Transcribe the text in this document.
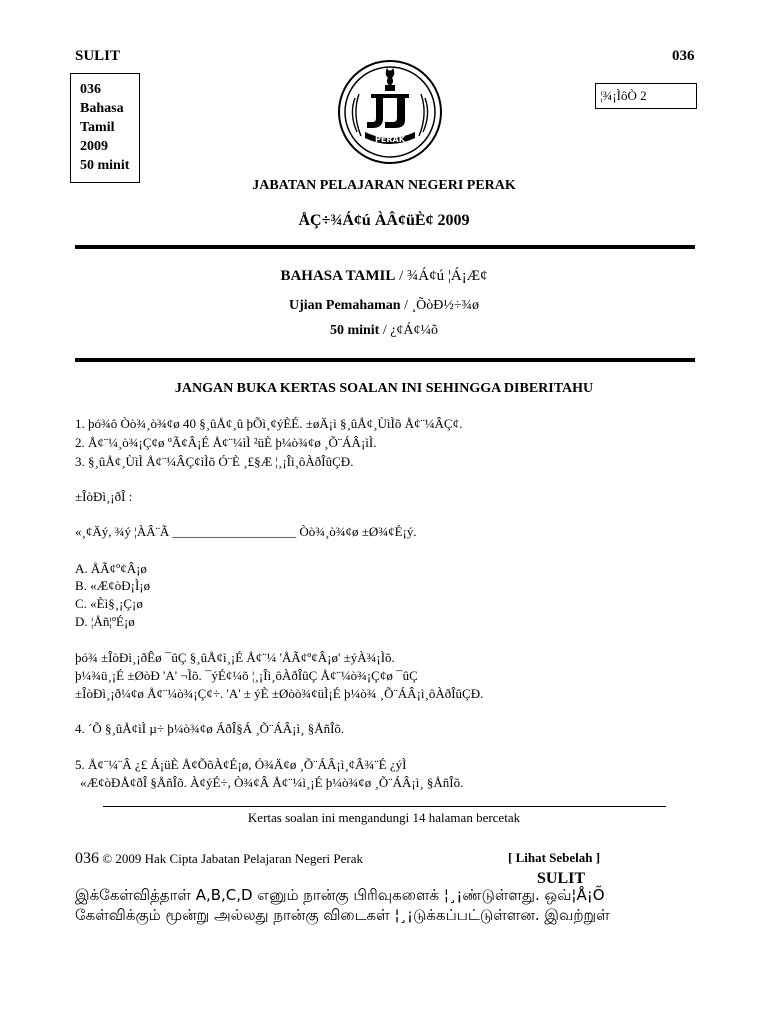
SULIT	036
036
Bahasa
Tamil
2009
50 minit
¦¾¡ÌôÒ 2
PERAK
JABATAN PELAJARAN NEGERI PERAK
ÅÇ÷¾Á¢ú ÀÂ¢üÈ¢ 2009
BAHASA TAMIL / ¾Á¢ú ¦Á¡Æ¢
Ujian Pemahaman / ¸ÕòÐ½÷¾ø
50 minit / ¿¢Á¢¼õ
JANGAN BUKA KERTAS SOALAN INI SEHINGGA DIBERITAHU
1. þó¾ô Òò¾¸ò¾¢ø 40 §¸ûÅ¢¸û þÕì¸¢ýÈÉ. ±øÄ¡ì §¸ûÅ¢¸ÙìÌõ Å¢¨¼ÂÇ¢.
2. Å¢¨¼¸ò¾¡Ç¢ø ºÃ¢Â¡É Å¢¨¼ìÌ ²üÈ þ¼ò¾¢ø ¸Õ¨ÁÂ¡ìÌ.
3. §¸ûÅ¢¸ÙìÌ Å¢¨¼ÂÇ¢ìÌõ Ó¨È ¸£§Æ ¦¸¡Îì¸ôÀðÎûÇÐ.
±ÎòÐì¸¡ðÎ :
«¸¢Äý, ¾ý ¦ÀÂ¨Ã ___________________ Òò¾¸ò¾¢ø ±Ø¾¢É¡ý.
A. ÅÃ¢º¢Â¡ø
B. «Æ¢òÐ¡Ì¡ø
C. «Èì§¸¡Ç¡ø
D. ¦Åñ¦ºÉ¡ø
þó¾ ±ÎòÐì¸¡ðÊø ¯ûÇ §¸ûÅ¢ì¸¡É Å¢¨¼ 'ÅÃ¢º¢Â¡ø' ±ýÀ¾¡Ìõ.
þ¼¾ü¸¡É ±ØòÐ 'A' ¬Ìõ. ¯ýÉ¢¼õ ¦¸¡Îì¸ôÀðÎûÇ Å¢¨¼ò¾¡Ç¢ø ¯ûÇ
±ÎòÐì¸¡ð¼¢ø Å¢¨¼ò¾¡Ç¢÷. 'A' ± ýÈ ±Øòò¾¢üÌ¡É þ¼ò¾ ¸Õ¨ÁÂ¡ì¸ôÀðÎûÇÐ.
4. ´Õ §¸ûÅ¢ìÌ µ÷ þ¼ò¾¢ø ÁðÎ§Á ¸Õ¨ÁÂ¡ì¸ §ÅñÎõ.
5. Å¢¨¼¨Â ¿£ Á¡üÈ Å¢ÕõÀ¢É¡ø, Ó¾Ä¢ø ¸Õ¨ÁÂ¡ì¸¢Â¾¨É ¿ýÌ
«Æ¢òÐÅ¢ðÎ §ÅñÎõ. À¢ýÉ÷, Ò¾¢Â Å¢¨¼ì¸¡É þ¼ò¾¢ø ¸Õ¨ÁÂ¡ì¸ §ÅñÎõ.
Kertas soalan ini mengandungi 14 halaman bercetak
036 © 2009 Hak Cipta Jabatan Pelajaran Negeri Perak	[ Lihat Sebelah ]
SULIT
இக்கேள்வித்தாள் A,B,C,D எனும் நான்கு பிரிவுகளைக் ¦¸¡ண்டுள்ளது. ஒவ்¦Å¡Õ
கேள்விக்கும் மூன்று அல்லது நான்கு விடைகள் ¦¸¡டுக்கப்பட்டுள்ளன. இவற்றுள்
